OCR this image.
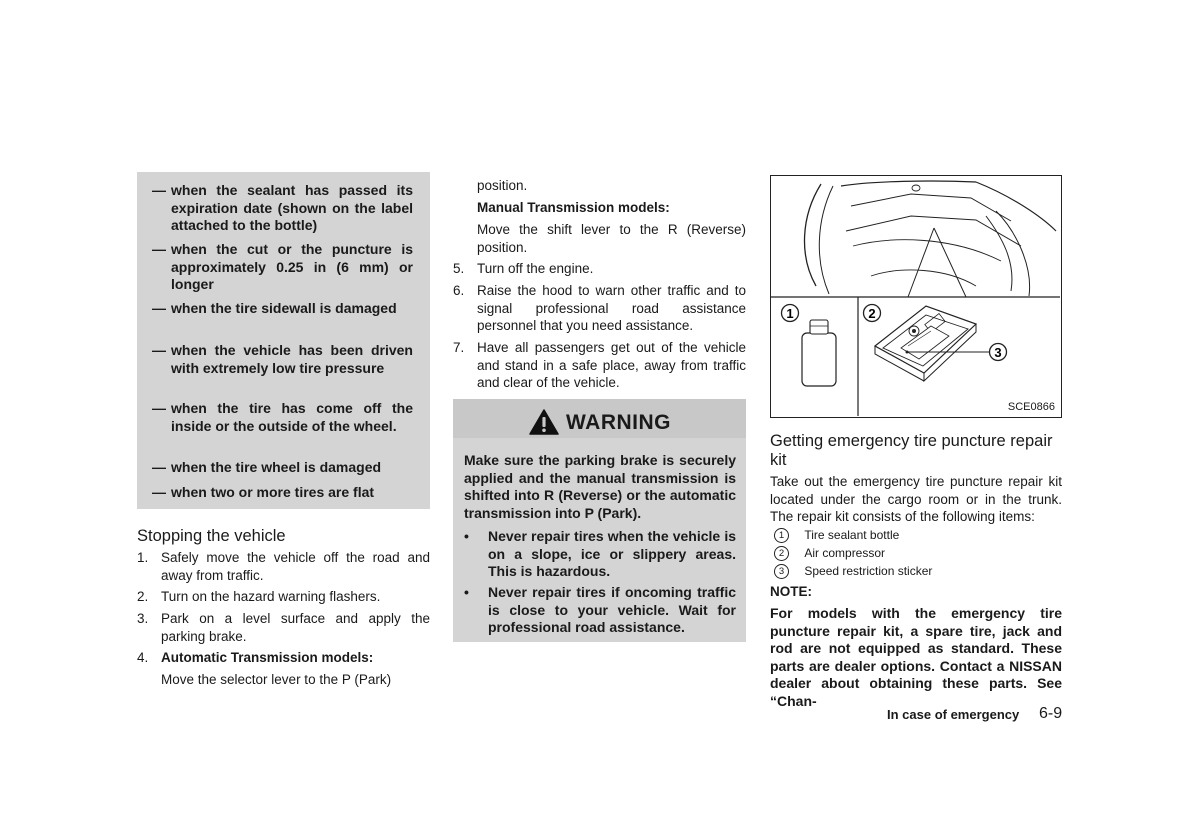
— when the sealant has passed its expiration date (shown on the label attached to the bottle)
— when the cut or the puncture is approximately 0.25 in (6 mm) or longer
— when the tire sidewall is damaged
— when the vehicle has been driven with extremely low tire pressure
— when the tire has come off the inside or the outside of the wheel.
— when the tire wheel is damaged
— when two or more tires are flat
Stopping the vehicle
1. Safely move the vehicle off the road and away from traffic.
2. Turn on the hazard warning flashers.
3. Park on a level surface and apply the parking brake.
4. Automatic Transmission models:
Move the selector lever to the P (Park)
position.
Manual Transmission models:
Move the shift lever to the R (Reverse) position.
5. Turn off the engine.
6. Raise the hood to warn other traffic and to signal professional road assistance personnel that you need assistance.
7. Have all passengers get out of the vehicle and stand in a safe place, away from traffic and clear of the vehicle.
WARNING
Make sure the parking brake is securely applied and the manual transmission is shifted into R (Reverse) or the automatic transmission into P (Park).
• Never repair tires when the vehicle is on a slope, ice or slippery areas. This is hazardous.
• Never repair tires if oncoming traffic is close to your vehicle. Wait for professional road assistance.
1	2
3
SCE0866
Getting emergency tire puncture repair kit
Take out the emergency tire puncture repair kit located under the cargo room or in the trunk. The repair kit consists of the following items:
1 Tire sealant bottle
2 Air compressor
3 Speed restriction sticker
NOTE:
For models with the emergency tire puncture repair kit, a spare tire, jack and rod are not equipped as standard. These parts are dealer options. Contact a NISSAN dealer about obtaining these parts. See “Chan-
In case of emergency 6-9
